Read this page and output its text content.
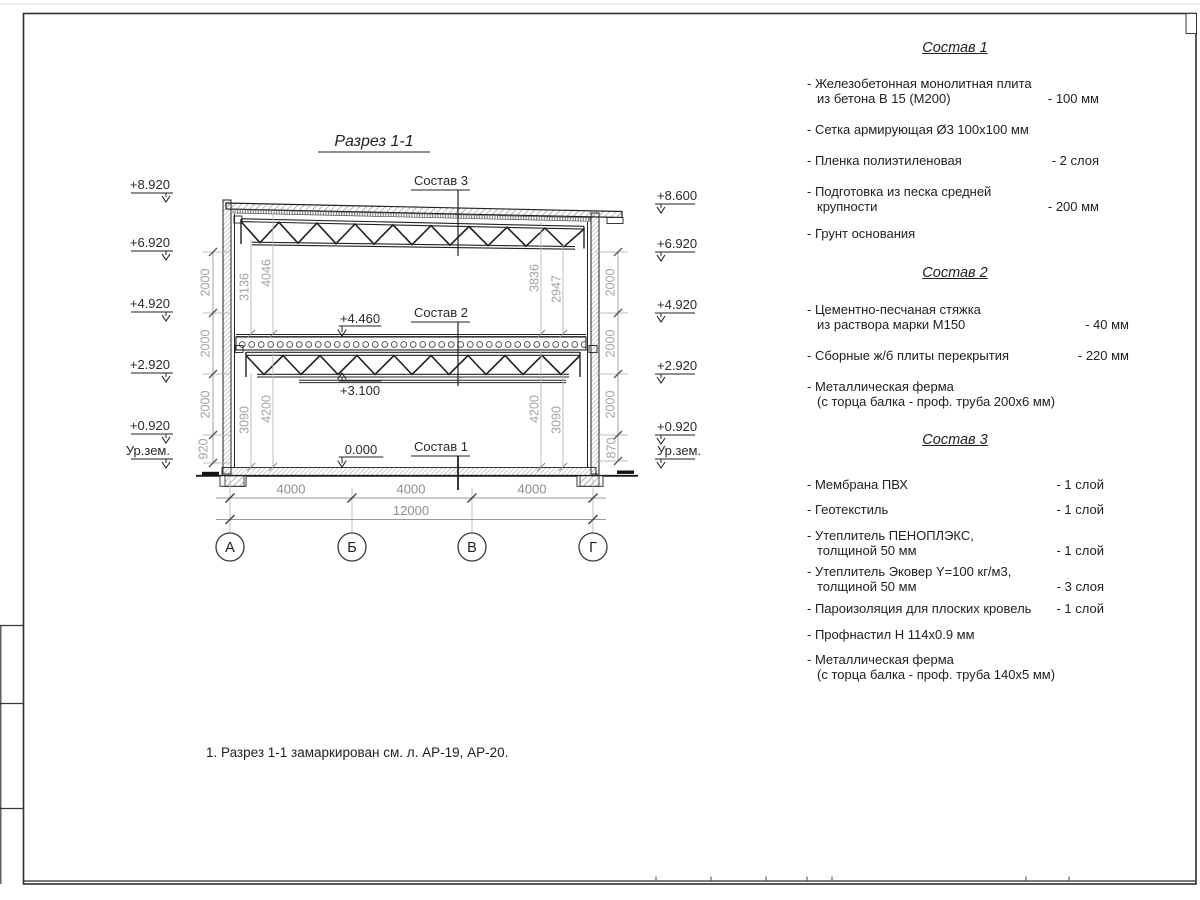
Разрез 1-1
Состав 3
Состав 2
Состав 1
+4.460
+3.100
0.000
+8.920
+6.920
+4.920
+2.920
+0.920
Ур.зем.
+8.600
+6.920
+4.920
+2.920
+0.920
Ур.зем.
2000
2000
2000
920
2000
2000
2000
870
3136
4046	3836 2947
3090 4200	4200 3090
4000	4000	4000
12000
А	Б	В	Г
Состав 1
- Железобетонная монолитная плита
из бетона В 15 (М200)	- 100 мм
- Сетка армирующая Ø3 100x100 мм
- Пленка полиэтиленовая	- 2 слоя
- Подготовка из песка средней
крупности	- 200 мм
- Грунт основания
Состав 2
- Цементно-песчаная стяжка
из раствора марки М150	- 40 мм
- Сборные ж/б плиты перекрытия	- 220 мм
- Металлическая ферма
(с торца балка - проф. труба 200x6 мм)
Состав 3
- Мембрана ПВХ	- 1 слой
- Геотекстиль	- 1 слой
- Утеплитель ПЕНОПЛЭКС,
толщиной 50 мм	- 1 слой
- Утеплитель Эковер Y=100 кг/м3,
толщиной 50 мм	- 3 слоя
- Пароизоляция для плоских кровель	- 1 слой
- Профнастил Н 114x0.9 мм
- Металлическая ферма
(с торца балка - проф. труба 140x5 мм)
1. Разрез 1-1 замаркирован см. л. АР-19, АР-20.
